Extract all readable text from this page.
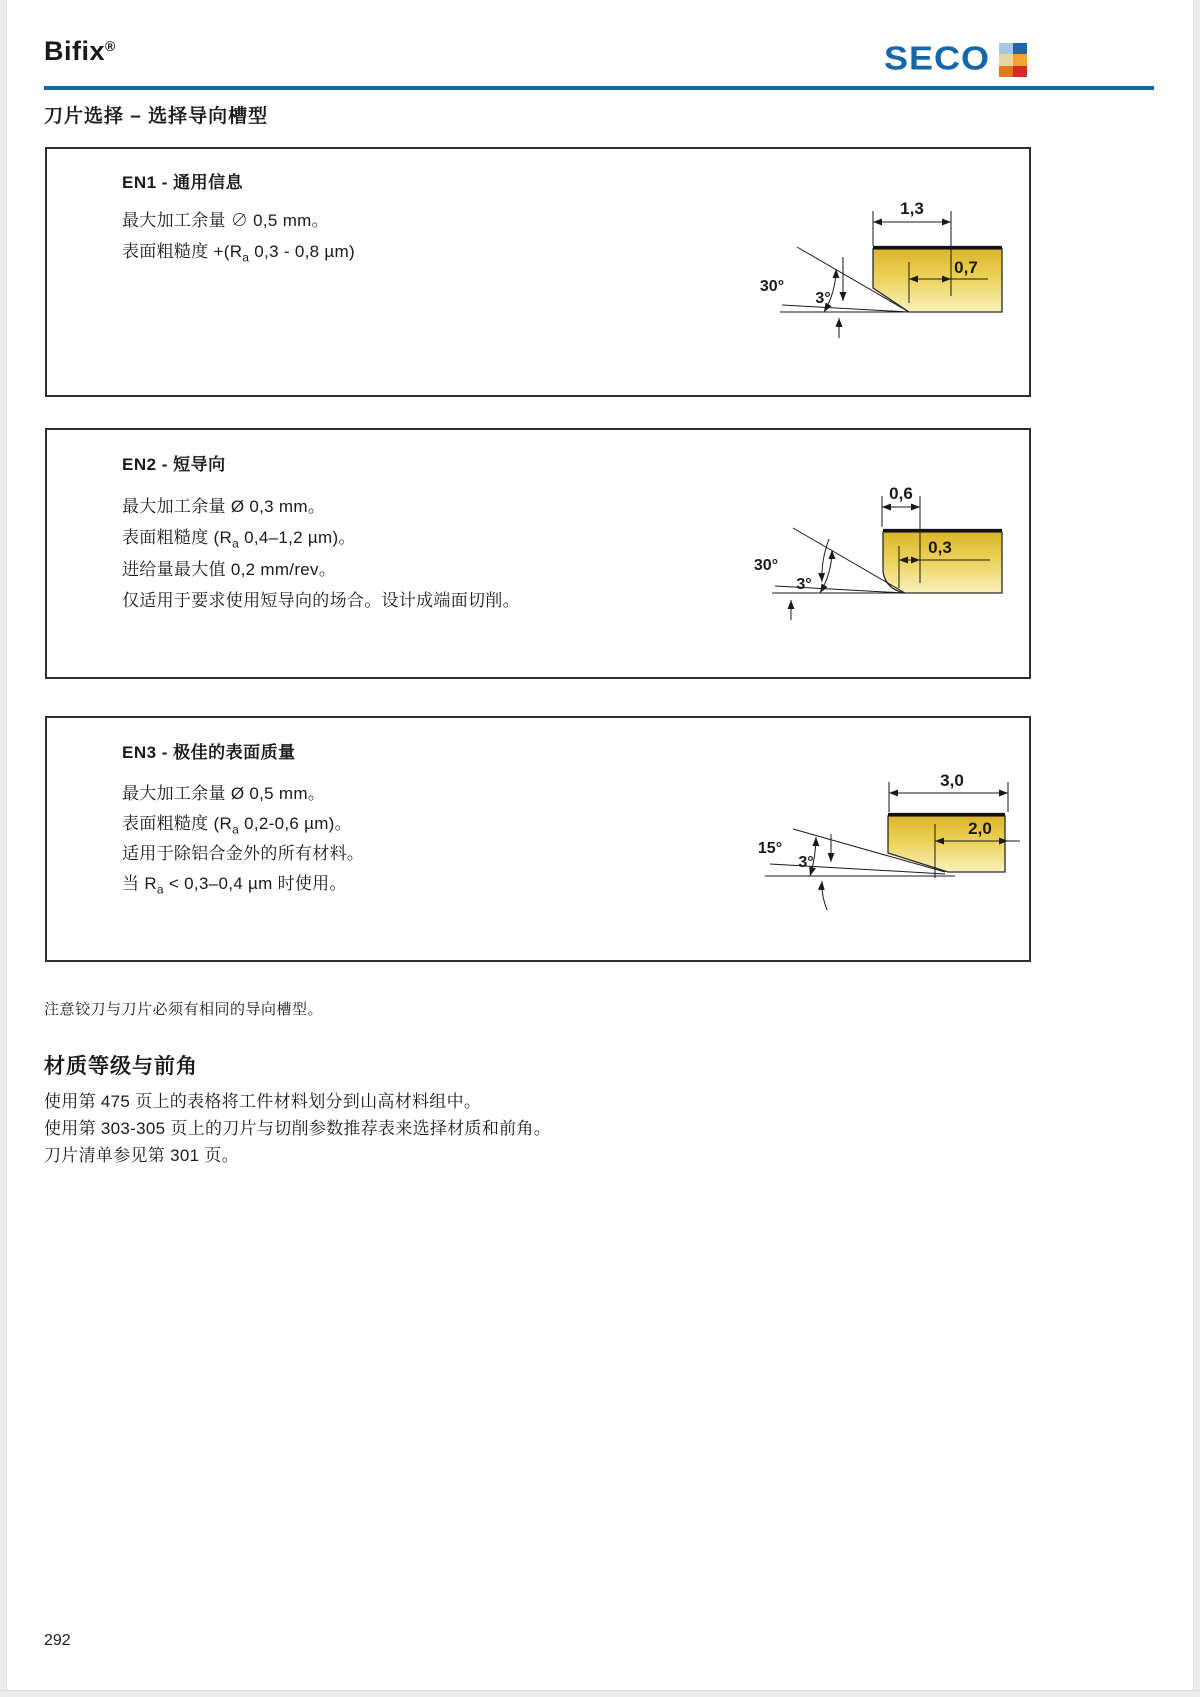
Bifix®	SECO
刀片选择 – 选择导向槽型
EN1 - 通用信息
最大加工余量 ∅ 0,5 mm。
表面粗糙度 $+(R_a$ 0,3 - 0,8 µm)
1,3
0,7
30°
3°
EN2 - 短导向
最大加工余量 Ø 0,3 mm。
表面粗糙度 ($R_a$ 0,4–1,2 µm)。
进给量最大值 0,2 mm/rev。
仅适用于要求使用短导向的场合。设计成端面切削。
0,6
0,3
30°
3°
EN3 - 极佳的表面质量
最大加工余量 Ø 0,5 mm。
表面粗糙度 ($R_a$ 0,2-0,6 µm)。
适用于除铝合金外的所有材料。
当 $R_a < 0,3-0,4$ µm 时使用。
3,0
2,0
15°
3°
注意铰刀与刀片必须有相同的导向槽型。
材质等级与前角
使用第 475 页上的表格将工件材料划分到山高材料组中。
使用第 303-305 页上的刀片与切削参数推荐表来选择材质和前角。
刀片清单参见第 301 页。
292
